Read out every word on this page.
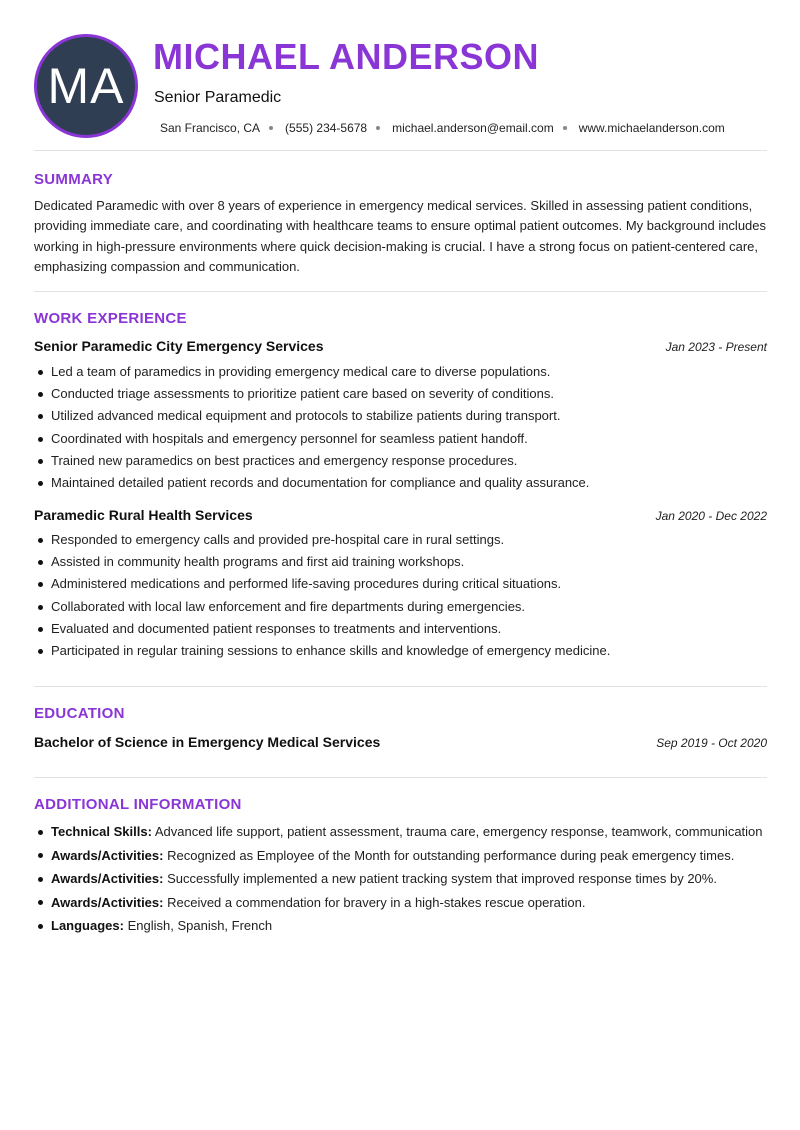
MA
MICHAEL ANDERSON
Senior Paramedic
San Francisco, CA (555) 234-5678 michael.anderson@email.com www.michaelanderson.com
SUMMARY

Dedicated Paramedic with over 8 years of experience in emergency medical services. Skilled in assessing patient conditions, providing immediate care, and coordinating with healthcare teams to ensure optimal patient outcomes. My background includes working in high-pressure environments where quick decision-making is crucial. I have a strong focus on patient-centered care, emphasizing compassion and communication.

WORK EXPERIENCE
Senior Paramedic City Emergency Services	Jan 2023 - Present
Led a team of paramedics in providing emergency medical care to diverse populations.
Conducted triage assessments to prioritize patient care based on severity of conditions.
Utilized advanced medical equipment and protocols to stabilize patients during transport.
Coordinated with hospitals and emergency personnel for seamless patient handoff.
Trained new paramedics on best practices and emergency response procedures.
Maintained detailed patient records and documentation for compliance and quality assurance.
Paramedic Rural Health Services	Jan 2020 - Dec 2022
Responded to emergency calls and provided pre-hospital care in rural settings.
Assisted in community health programs and first aid training workshops.
Administered medications and performed life-saving procedures during critical situations.
Collaborated with local law enforcement and fire departments during emergencies.
Evaluated and documented patient responses to treatments and interventions.
Participated in regular training sessions to enhance skills and knowledge of emergency medicine.
EDUCATION
Bachelor of Science in Emergency Medical Services	Sep 2019 - Oct 2020
ADDITIONAL INFORMATION
Technical Skills: Advanced life support, patient assessment, trauma care, emergency response, teamwork, communication
Awards/Activities: Recognized as Employee of the Month for outstanding performance during peak emergency times.
Awards/Activities: Successfully implemented a new patient tracking system that improved response times by 20%.
Awards/Activities: Received a commendation for bravery in a high-stakes rescue operation.
Languages: English, Spanish, French
